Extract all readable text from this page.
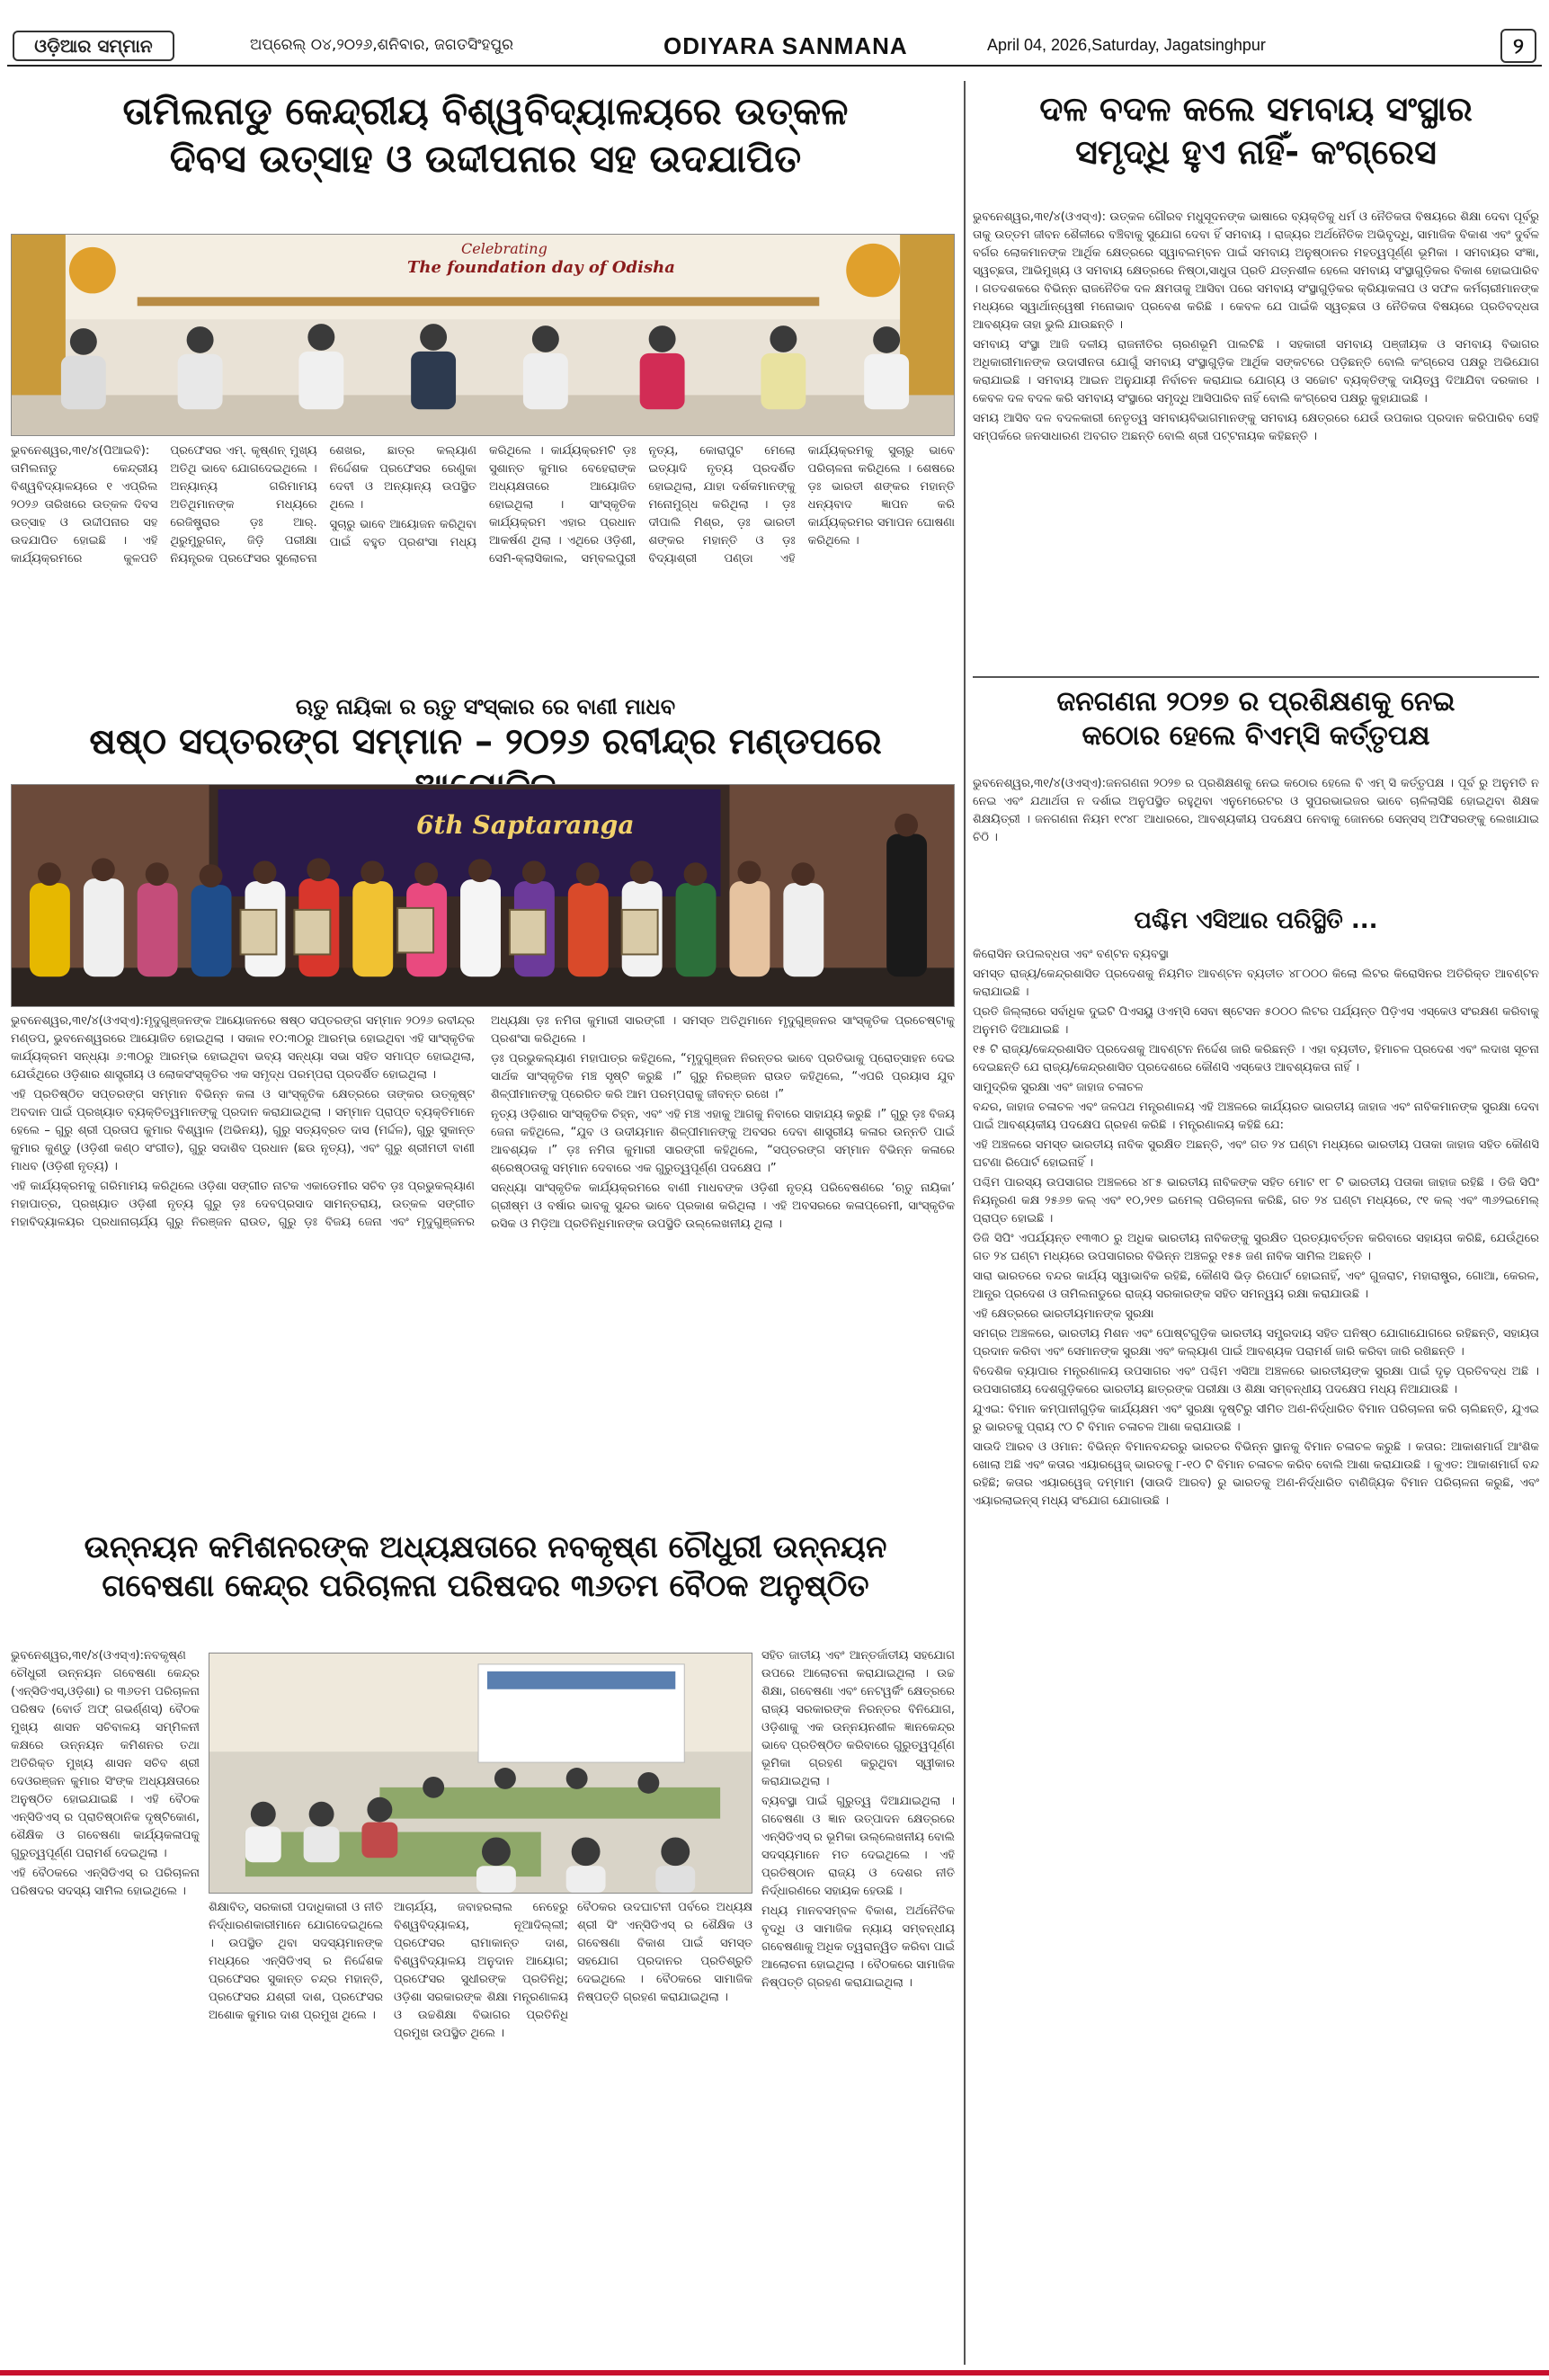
ଓଡ଼ିଆର ସମ୍ମାନ	ଅପ୍ରେଲ୍ ୦୪,୨୦୨୬,ଶନିବାର, ଜଗତସିଂହପୁର	ODIYARA SANMANA	April 04, 2026,Saturday, Jagatsinghpur	୨
ତାମିଲନାଡୁ କେନ୍ଦ୍ରୀୟ ବିଶ୍ୱବିଦ୍ୟାଳୟରେ ଉତ୍କଳ
ଦିବସ ଉତ୍ସାହ ଓ ଉଦ୍ଦୀପନାର ସହ ଉଦଯାପିତ
Celebrating
The foundation day of Odisha

ଭୁବନେଶ୍ୱର,୩୧/୪(ପିଆଇବି): ତାମିଲନାଡୁ କେନ୍ଦ୍ରୀୟ ବିଶ୍ୱବିଦ୍ୟାଳୟରେ ୧ ଏପ୍ରିଲ ୨୦୨୬ ତାରିଖରେ ଉତ୍କଳ ଦିବସ ଉତ୍ସାହ ଓ ଉଦ୍ଦୀପନାର ସହ ଉଦଯାପିତ ହୋଇଛି । ଏହି କାର୍ଯ୍ୟକ୍ରମରେ କୁଳପତି ପ୍ରଫେସର ଏମ୍. କୃଷ୍ଣନ୍ ମୁଖ୍ୟ ଅତିଥି ଭାବେ ଯୋଗଦେଇଥିଲେ । ଅନ୍ୟାନ୍ୟ ଗରିମାମୟ ଅତିଥିମାନଙ୍କ ମଧ୍ୟରେ ରେଜିଷ୍ଟ୍ରାର ଡ଼ଃ ଆର୍. ଥିରୁମୁରୁଗନ୍, ଜିଡ଼ି ପରୀକ୍ଷା ନିୟନ୍ତ୍ରକ ପ୍ରଫେସର ସୁଲୋଚନା ଶେଖର, ଛାତ୍ର କଲ୍ୟାଣ ନିର୍ଦ୍ଦେଶକ ପ୍ରଫେସର ରେଣୁକା ଦେବୀ ଓ ଅନ୍ୟାନ୍ୟ ଉପସ୍ଥିତ ଥିଲେ ।

ସୁଚାରୁ ଭାବେ ଆୟୋଜନ କରିଥିବା ପାଇଁ ବହୁତ ପ୍ରଶଂସା ମଧ୍ୟ କରିଥିଲେ । କାର୍ଯ୍ୟକ୍ରମଟି ଡ଼ଃ ସୁଶାନ୍ତ କୁମାର ବେହେରାଙ୍କ ଅଧ୍ୟକ୍ଷତାରେ ଆୟୋଜିତ ହୋଇଥିଲା । ସାଂସ୍କୃତିକ କାର୍ଯ୍ୟକ୍ରମ ଏହାର ପ୍ରଧାନ ଆକର୍ଷଣ ଥିଲା । ଏଥିରେ ଓଡ଼ିଶୀ, ସେମି-କ୍ଲାସିକାଲ, ସମ୍ବଲପୁରୀ ନୃତ୍ୟ, କୋରାପୁଟ ମେଲୋ ଇତ୍ୟାଦି ନୃତ୍ୟ ପ୍ରଦର୍ଶିତ ହୋଇଥିଲା, ଯାହା ଦର୍ଶକମାନଙ୍କୁ ମନୋମୁଗ୍ଧ କରିଥିଲା । ଡ଼ଃ ଦୀପାଲି ମିଶ୍ର, ଡ଼ଃ ଭାରତୀ ଶଙ୍କର ମହାନ୍ତି ଓ ଡ଼ଃ ବିଦ୍ୟାଶ୍ରୀ ପଣ୍ଡା ଏହି କାର୍ଯ୍ୟକ୍ରମକୁ ସୁଚାରୁ ଭାବେ ପରିଚାଳନା କରିଥିଲେ । ଶେଷରେ ଡ଼ଃ ଭାରତୀ ଶଙ୍କର ମହାନ୍ତି ଧନ୍ୟବାଦ ଜ୍ଞାପନ କରି କାର୍ଯ୍ୟକ୍ରମର ସମାପନ ଘୋଷଣା କରିଥିଲେ ।

ଋତୁ ନାୟିକା ର ଋତୁ ସଂସ୍କାର ରେ ବାଣୀ ମାଧବ
ଷଷ୍ଠ ସପ୍ତରଙ୍ଗ ସମ୍ମାନ – ୨୦୨୬ ରବୀନ୍ଦ୍ର ମଣ୍ଡପରେ
6th Saptaranga

ଭୁବନେଶ୍ୱର,୩୧/୪(ଓଏସ୍ଏ):ମୃଦୁଗୁଞ୍ଜନଙ୍କ ଆୟୋଜନରେ ଷଷ୍ଠ ସପ୍ତରଙ୍ଗ ସମ୍ମାନ ୨୦୨୬ ରବୀନ୍ଦ୍ର ମଣ୍ଡପ, ଭୁବନେଶ୍ୱରରେ ଆୟୋଜିତ ହୋଇଥିଲା । ସକାଳ ୧୦:୩୦ରୁ ଆରମ୍ଭ ହୋଇଥିବା ଏହି ସାଂସ୍କୃତିକ କାର୍ଯ୍ୟକ୍ରମ ସନ୍ଧ୍ୟା ୬:୩୦ରୁ ଆରମ୍ଭ ହୋଇଥିବା ଭବ୍ୟ ସନ୍ଧ୍ୟା ସଭା ସହିତ ସମାପ୍ତ ହୋଇଥିଲା, ଯେଉଁଥିରେ ଓଡ଼ିଶାର ଶାସ୍ତ୍ରୀୟ ଓ ଲୋକସଂସ୍କୃତିର ଏକ ସମୃଦ୍ଧ ପରମ୍ପରା ପ୍ରଦର୍ଶିତ ହୋଇଥିଲା ।

ଏହି ପ୍ରତିଷ୍ଠିତ ସପ୍ତରଙ୍ଗ ସମ୍ମାନ ବିଭିନ୍ନ କଳା ଓ ସାଂସ୍କୃତିକ କ୍ଷେତ୍ରରେ ତାଙ୍କର ଉତ୍କୃଷ୍ଟ ଅବଦାନ ପାଇଁ ପ୍ରଖ୍ୟାତ ବ୍ୟକ୍ତିତ୍ୱମାନଙ୍କୁ ପ୍ରଦାନ କରାଯାଇଥିଲା । ସମ୍ମାନ ପ୍ରାପ୍ତ ବ୍ୟକ୍ତିମାନେ ହେଲେ – ଗୁରୁ ଶ୍ରୀ ପ୍ରତାପ କୁମାର ବିଶ୍ୱାଳ (ଅଭିନୟ), ଗୁରୁ ସତ୍ୟବ୍ରତ ଦାସ (ମର୍ଦ୍ଦଳ), ଗୁରୁ ସୁକାନ୍ତ କୁମାର କୁଣ୍ଡୁ (ଓଡ଼ିଶୀ କଣ୍ଠ ସଂଗୀତ), ଗୁରୁ ସଦାଶିବ ପ୍ରଧାନ (ଛଉ ନୃତ୍ୟ), ଏବଂ ଗୁରୁ ଶ୍ରୀମତୀ ବାଣୀ ମାଧବ (ଓଡ଼ିଶୀ ନୃତ୍ୟ) ।

ଏହି କାର୍ଯ୍ୟକ୍ରମକୁ ଗରିମାମୟ କରିଥିଲେ ଓଡ଼ିଶା ସଙ୍ଗୀତ ନାଟକ ଏକାଡେମୀର ସଚିବ ଡ଼ଃ ପ୍ରଭୁକଲ୍ୟାଣ ମହାପାତ୍ର, ପ୍ରଖ୍ୟାତ ଓଡ଼ିଶୀ ନୃତ୍ୟ ଗୁରୁ ଡ଼ଃ ଦେବପ୍ରସାଦ ସାମନ୍ତରାୟ, ଉତ୍କଳ ସଙ୍ଗୀତ ମହାବିଦ୍ୟାଳୟର ପ୍ରଧାନାଚାର୍ଯ୍ୟ ଗୁରୁ ନିରଞ୍ଜନ ରାଉତ, ଗୁରୁ ଡ଼ଃ ବିଜୟ ଜେନା ଏବଂ ମୃଦୁଗୁଞ୍ଜନର ଅଧ୍ୟକ୍ଷା ଡ଼ଃ ନମିତା କୁମାରୀ ସାରଙ୍ଗୀ । ସମସ୍ତ ଅତିଥିମାନେ ମୃଦୁଗୁଞ୍ଜନର ସାଂସ୍କୃତିକ ପ୍ରଚେଷ୍ଟାକୁ ପ୍ରଶଂସା କରିଥିଲେ ।

ଡ଼ଃ ପ୍ରଭୁକଲ୍ୟାଣ ମହାପାତ୍ର କହିଥିଲେ, “ମୃଦୁଗୁଞ୍ଜନ ନିରନ୍ତର ଭାବେ ପ୍ରତିଭାକୁ ପ୍ରୋତ୍ସାହନ ଦେଇ ସାର୍ଥକ ସାଂସ୍କୃତିକ ମଞ୍ଚ ସୃଷ୍ଟି କରୁଛି ।” ଗୁରୁ ନିରଞ୍ଜନ ରାଉତ କହିଥିଲେ, “ଏପରି ପ୍ରୟାସ ଯୁବ ଶିଳ୍ପୀମାନଙ୍କୁ ପ୍ରେରିତ କରି ଆମ ପରମ୍ପରାକୁ ଜୀବନ୍ତ ରଖେ ।”

ନୃତ୍ୟ ଓଡ଼ିଶାର ସାଂସ୍କୃତିକ ଚିହ୍ନ, ଏବଂ ଏହି ମଞ୍ଚ ଏହାକୁ ଆଗକୁ ନିବାରେ ସାହାଯ୍ୟ କରୁଛି ।” ଗୁରୁ ଡ଼ଃ ବିଜୟ ଜେନା କହିଥିଲେ, “ଯୁବ ଓ ଉଦୀୟମାନ ଶିଳ୍ପୀମାନଙ୍କୁ ଅବସର ଦେବା ଶାସ୍ତ୍ରୀୟ କଳାର ଉନ୍ନତି ପାଇଁ ଆବଶ୍ୟକ ।” ଡ଼ଃ ନମିତା କୁମାରୀ ସାରଙ୍ଗୀ କହିଥିଲେ, “ସପ୍ତରଙ୍ଗ ସମ୍ମାନ ବିଭିନ୍ନ କଳାରେ ଶ୍ରେଷ୍ଠତାକୁ ସମ୍ମାନ ଦେବାରେ ଏକ ଗୁରୁତ୍ୱପୂର୍ଣ୍ଣ ପଦକ୍ଷେପ ।”

ସନ୍ଧ୍ୟା ସାଂସ୍କୃତିକ କାର୍ଯ୍ୟକ୍ରମରେ ବାଣୀ ମାଧବଙ୍କ ଓଡ଼ିଶୀ ନୃତ୍ୟ ପରିବେଷଣରେ ‘ଋତୁ ନାୟିକା’ ଗ୍ରୀଷ୍ମ ଓ ବର୍ଷାର ଭାବକୁ ସୁନ୍ଦର ଭାବେ ପ୍ରକାଶ କରିଥିଲା । ଏହି ଅବସରରେ କଳାପ୍ରେମୀ, ସାଂସ୍କୃତିକ ରସିକ ଓ ମିଡ଼ିଆ ପ୍ରତିନିଧିମାନଙ୍କ ଉପସ୍ଥିତି ଉଲ୍ଲେଖନୀୟ ଥିଲା ।

ଉନ୍ନୟନ କମିଶନରଙ୍କ ଅଧ୍ୟକ୍ଷତାରେ ନବକୃଷ୍ଣ ଚୌଧୁରୀ ଉନ୍ନୟନ
ଗବେଷଣା କେନ୍ଦ୍ର ପରିଚାଳନା ପରିଷଦର ୩୬ତମ ବୈଠକ ଅନୁଷ୍ଠିତ

ଭୁବନେଶ୍ୱର,୩୧/୪(ଓଏସ୍ଏ):ନବକୃଷ୍ଣ ଚୌଧୁରୀ ଉନ୍ନୟନ ଗବେଷଣା କେନ୍ଦ୍ର (ଏନ୍ସିଡିଏସ୍,ଓଡ଼ିଶା) ର ୩୬ତମ ପରିଚାଳନା ପରିଷଦ (ବୋର୍ଡ ଅଫ୍ ଗଭର୍ଣ୍ଣସ୍) ବୈଠକ ମୁଖ୍ୟ ଶାସନ ସଚିବାଳୟ ସମ୍ମିଳନୀ କକ୍ଷରେ ଉନ୍ନୟନ କମିଶନର ତଥା ଅତିରିକ୍ତ ମୁଖ୍ୟ ଶାସନ ସଚିବ ଶ୍ରୀ ଦେଓରଞ୍ଜନ କୁମାର ସିଂଙ୍କ ଅଧ୍ୟକ୍ଷତାରେ ଅନୁଷ୍ଠିତ ହୋଇଯାଇଛି । ଏହି ବୈଠକ ଏନ୍ସିଡିଏସ୍ ର ପ୍ରାତିଷ୍ଠାନିକ ଦୃଷ୍ଟିକୋଣ, ଶୈକ୍ଷିକ ଓ ଗବେଷଣା କାର୍ଯ୍ୟକଳାପକୁ ଗୁରୁତ୍ୱପୂର୍ଣ୍ଣ ପରାମର୍ଶ ଦେଇଥିଲା ।

ଏହି ବୈଠକରେ ଏନ୍ସିଡିଏସ୍ ର ପରିଚାଳନା ପରିଷଦର ସଦସ୍ୟ ସାମିଲ ହୋଇଥିଲେ ।

ଶିକ୍ଷାବିତ୍, ସରକାରୀ ପଦାଧିକାରୀ ଓ ନୀତି ନିର୍ଦ୍ଧାରଣକାରୀମାନେ ଯୋଗଦେଇଥିଲେ । ଉପସ୍ଥିତ ଥିବା ସଦସ୍ୟମାନଙ୍କ ମଧ୍ୟରେ ଏନ୍ସିଡିଏସ୍ ର ନିର୍ଦ୍ଦେଶକ ପ୍ରଫେସର ସୁକାନ୍ତ ଚନ୍ଦ୍ର ମହାନ୍ତି, ପ୍ରଫେସର ଯଶ୍ରୀ ଦାଶ, ପ୍ରଫେସର ଅଶୋକ କୁମାର ଦାଶ ପ୍ରମୁଖ ଥିଲେ ।

ଆଚାର୍ଯ୍ୟ, ଜବାହରଲାଲ ନେହେରୁ ବିଶ୍ୱବିଦ୍ୟାଳୟ, ନୂଆଦିଲ୍ଲୀ; ପ୍ରଫେସର ରାମାକାନ୍ତ ଦାଶ, ବିଶ୍ୱବିଦ୍ୟାଳୟ ଅନୁଦାନ ଆୟୋଗ; ପ୍ରଫେସର ସୁଧୀରଙ୍କ ପ୍ରତିନିଧି; ଓଡ଼ିଶା ସରକାରଙ୍କ ଶିକ୍ଷା ମନ୍ତ୍ରଣାଳୟ ଓ ଉଚ୍ଚଶିକ୍ଷା ବିଭାଗର ପ୍ରତିନିଧି ପ୍ରମୁଖ ଉପସ୍ଥିତ ଥିଲେ ।

ବୈଠକର ଉଦଘାଟନୀ ପର୍ବରେ ଅଧ୍ୟକ୍ଷ ଶ୍ରୀ ସିଂ ଏନ୍ସିଡିଏସ୍ ର ଶୈକ୍ଷିକ ଓ ଗବେଷଣା ବିକାଶ ପାଇଁ ସମସ୍ତ ସହଯୋଗ ପ୍ରଦାନର ପ୍ରତିଶ୍ରୁତି ଦେଇଥିଲେ । ବୈଠକରେ ସାମାଜିକ ନିଷ୍ପତ୍ତି ଗ୍ରହଣ କରାଯାଇଥିଲା ।

ସହିତ ଜାତୀୟ ଏବଂ ଆନ୍ତର୍ଜାତୀୟ ସହଯୋଗ ଉପରେ ଆଲୋଚନା କରାଯାଇଥିଲା । ଉଚ୍ଚ ଶିକ୍ଷା, ଗବେଷଣା ଏବଂ ନେଟୱର୍କିଂ କ୍ଷେତ୍ରରେ ରାଜ୍ୟ ସରକାରଙ୍କ ନିରନ୍ତର ବିନିଯୋଗ, ଓଡ଼ିଶାକୁ ଏକ ଉନ୍ନୟନଶୀଳ ଜ୍ଞାନକେନ୍ଦ୍ର ଭାବେ ପ୍ରତିଷ୍ଠିତ କରିବାରେ ଗୁରୁତ୍ୱପୂର୍ଣ୍ଣ ଭୂମିକା ଗ୍ରହଣ କରୁଥିବା ସ୍ୱୀକାର କରାଯାଇଥିଲା ।

ବ୍ୟବସ୍ଥା ପାଇଁ ଗୁରୁତ୍ୱ ଦିଆଯାଇଥିଲା । ଗବେଷଣା ଓ ଜ୍ଞାନ ଉତ୍ପାଦନ କ୍ଷେତ୍ରରେ ଏନ୍ସିଡିଏସ୍ ର ଭୂମିକା ଉଲ୍ଲେଖନୀୟ ବୋଲି ସଦସ୍ୟମାନେ ମତ ଦେଇଥିଲେ । ଏହି ପ୍ରତିଷ୍ଠାନ ରାଜ୍ୟ ଓ ଦେଶର ନୀତି ନିର୍ଦ୍ଧାରଣରେ ସହାୟକ ହେଉଛି ।

ମଧ୍ୟ ମାନବସମ୍ବଳ ବିକାଶ, ଅର୍ଥନୈତିକ ବୃଦ୍ଧି ଓ ସାମାଜିକ ନ୍ୟାୟ ସମ୍ବନ୍ଧୀୟ ଗବେଷଣାକୁ ଅଧିକ ତ୍ୱରାନ୍ୱିତ କରିବା ପାଇଁ ଆଲୋଚନା ହୋଇଥିଲା । ବୈଠକରେ ସାମାଜିକ ନିଷ୍ପତ୍ତି ଗ୍ରହଣ କରାଯାଇଥିଲା ।

ଦଳ ବଦଳ କଲେ ସମବାୟ ସଂସ୍ଥାର
ସମୃଦ୍ଧି ହୁଏ ନାହିଁ- କଂଗ୍ରେସ

ଭୁବନେଶ୍ୱର,୩୧/୪(ଓଏସ୍ଏ): ଉତ୍କଳ ଗୌରବ ମଧୁସୂଦନଙ୍କ ଭାଷାରେ ବ୍ୟକ୍ତିକୁ ଧର୍ମ ଓ ନୈତିକତା ବିଷୟରେ ଶିକ୍ଷା ଦେବା ପୂର୍ବରୁ ତାକୁ ଉତ୍ତମ ଜୀବନ ଶୈଳୀରେ ବଞ୍ଚିବାକୁ ସୁଯୋଗ ଦେବା ହିଁ ସମବାୟ । ରାଜ୍ୟର ଅର୍ଥନୈତିକ ଅଭିବୃଦ୍ଧି, ସାମାଜିକ ବିକାଶ ଏବଂ ଦୁର୍ବଳ ବର୍ଗର ଲୋକମାନଙ୍କ ଆର୍ଥିକ କ୍ଷେତ୍ରରେ ସ୍ୱାବଲମ୍ବନ ପାଇଁ ସମବାୟ ଅନୁଷ୍ଠାନର ମହତ୍ୱପୂର୍ଣ୍ଣ ଭୂମିକା । ସମବାୟର ସଂଜ୍ଞା, ସ୍ୱଚ୍ଛତା, ଆଭିମୁଖ୍ୟ ଓ ସମବାୟ କ୍ଷେତ୍ରରେ ନିଷ୍ଠା,ସାଧୁତା ପ୍ରତି ଯତ୍ନଶୀଳ ହେଲେ ସମବାୟ ସଂସ୍ଥାଗୁଡ଼ିକର ବିକାଶ ହୋଇପାରିବ । ଗତଦଶକରେ ବିଭିନ୍ନ ରାଜନୈତିକ ଦଳ କ୍ଷମତାକୁ ଆସିବା ପରେ ସମବାୟ ସଂସ୍ଥାଗୁଡ଼ିକର କ୍ରିୟାକଳାପ ଓ ସଫଳ କର୍ମଚାରୀମାନଙ୍କ ମଧ୍ୟରେ ସ୍ୱାର୍ଥାନ୍ୱେଷୀ ମନୋଭାବ ପ୍ରବେଶ କରିଛି । କେବଳ ଯେ ପାଇଁକି ସ୍ୱଚ୍ଛତା ଓ ନୈତିକତା ବିଷୟରେ ପ୍ରତିବଦ୍ଧତା ଆବଶ୍ୟକ ତାହା ଭୁଲି ଯାଉଛନ୍ତି ।

ସମବାୟ ସଂସ୍ଥା ଆଜି ଦଳୀୟ ରାଜନୀତିର ଚାରଣଭୂମି ପାଲଟିଛି । ସହକାରୀ ସମବାୟ ପଞ୍ଜୀୟକ ଓ ସମବାୟ ବିଭାଗର ଅଧିକାରୀମାନଙ୍କ ଉଦାସୀନତା ଯୋଗୁଁ ସମବାୟ ସଂସ୍ଥାଗୁଡ଼ିକ ଆର୍ଥିକ ସଙ୍କଟରେ ପଡ଼ିଛନ୍ତି ବୋଲି କଂଗ୍ରେସ ପକ୍ଷରୁ ଅଭିଯୋଗ କରାଯାଇଛି । ସମବାୟ ଆଇନ ଅନୁଯାୟୀ ନିର୍ବାଚନ କରାଯାଇ ଯୋଗ୍ୟ ଓ ସଚ୍ଚୋଟ ବ୍ୟକ୍ତିଙ୍କୁ ଦାୟିତ୍ୱ ଦିଆଯିବା ଦରକାର । କେବଳ ଦଳ ବଦଳ କରି ସମବାୟ ସଂସ୍ଥାରେ ସମୃଦ୍ଧି ଆସିପାରିବ ନାହିଁ ବୋଲି କଂଗ୍ରେସ ପକ୍ଷରୁ କୁହାଯାଇଛି ।

ସମୟ ଆସିବ ଦଳ ବଦଳକାରୀ ନେତୃତ୍ୱ ସମବାୟବିଭାଗମାନଙ୍କୁ ସମବାୟ କ୍ଷେତ୍ରରେ ଯେଉଁ ଉପକାର ପ୍ରଦାନ କରିପାରିବ ସେହି ସମ୍ପର୍କରେ ଜନସାଧାରଣ ଅବଗତ ଅଛନ୍ତି ବୋଲି ଶ୍ରୀ ପଟ୍ଟନାୟକ କହିଛନ୍ତି ।

ଜନଗଣନା ୨୦୨୭ ର ପ୍ରଶିକ୍ଷଣକୁ ନେଇ
କଠୋର ହେଲେ ବିଏମ୍ସି କର୍ତ୍ତୃପକ୍ଷ

ଭୁବନେଶ୍ୱର,୩୧/୪(ଓଏସ୍ଏ):ଜନଗଣନା ୨୦୨୭ ର ପ୍ରଶିକ୍ଷଣକୁ ନେଇ କଠୋର ହେଲେ ବି ଏମ୍ ସି କର୍ତ୍ତୃପକ୍ଷ । ପୂର୍ବ ରୁ ଅନୁମତି ନ ନେଇ ଏବଂ ଯଥାର୍ଥତା ନ ଦର୍ଶାଇ ଅନୁପସ୍ଥିତ ରହୁଥିବା ଏନୁମେରେଟର ଓ ସୁପରଭାଇଜର ଭାବେ ଚାଳିଲାସିଛି ହୋଇଥିବା ଶିକ୍ଷକ ଶିକ୍ଷୟିତ୍ରୀ । ଜନଗଣନା ନିୟମ ୧୯୪୮ ଆଧାରରେ, ଆବଶ୍ୟକୀୟ ପଦକ୍ଷେପ ନେବାକୁ ଜୋନରେ ସେନ୍ସସ୍ ଅଫିସରଙ୍କୁ ଲେଖାଯାଇ ଚିଠି ।

ପଶ୍ଚିମ ଏସିଆର ପରିସ୍ଥିତି ...

କିରୋସିନ ଉପଲବ୍ଧତା ଏବଂ ବଣ୍ଟନ ବ୍ୟବସ୍ଥା

ସମସ୍ତ ରାଜ୍ୟ/କେନ୍ଦ୍ରଶାସିତ ପ୍ରଦେଶକୁ ନିୟମିତ ଆବଣ୍ଟନ ବ୍ୟତୀତ ୪୮୦୦୦ କିଲୋ ଲିଟର କିରୋସିନର ଅତିରିକ୍ତ ଆବଣ୍ଟନ କରାଯାଇଛି ।

ପ୍ରତି ଜିଲ୍ଲାରେ ସର୍ବାଧିକ ଦୁଇଟି ପିଏସୟୁ ଓଏମ୍ସି ସେବା ଷ୍ଟେସନ ୫୦୦୦ ଲିଟର ପର୍ଯ୍ୟନ୍ତ ପିଡ଼ିଏସ ଏସ୍କେଓ ସଂରକ୍ଷଣ କରିବାକୁ ଅନୁମତି ଦିଆଯାଇଛି ।

୧୫ ଟି ରାଜ୍ୟ/କେନ୍ଦ୍ରଶାସିତ ପ୍ରଦେଶକୁ ଆବଣ୍ଟନ ନିର୍ଦ୍ଦେଶ ଜାରି କରିଛନ୍ତି । ଏହା ବ୍ୟତୀତ, ହିମାଚଳ ପ୍ରଦେଶ ଏବଂ ଲଦାଖ ସୂଚନା ଦେଇଛନ୍ତି ଯେ ରାଜ୍ୟ/କେନ୍ଦ୍ରଶାସିତ ପ୍ରଦେଶରେ କୌଣସି ଏସ୍କେଓ ଆବଶ୍ୟକତା ନାହିଁ ।

ସାମୁଦ୍ରିକ ସୁରକ୍ଷା ଏବଂ ଜାହାଜ ଚଳାଚଳ

ବନ୍ଦର, ଜାହାଜ ଚଳାଚଳ ଏବଂ ଜଳପଥ ମନ୍ତ୍ରଣାଳୟ ଏହି ଅଞ୍ଚଳରେ କାର୍ଯ୍ୟରତ ଭାରତୀୟ ଜାହାଜ ଏବଂ ନାବିକମାନଙ୍କ ସୁରକ୍ଷା ଦେବା ପାଇଁ ଆବଶ୍ୟକୀୟ ପଦକ୍ଷେପ ଗ୍ରହଣ କରିଛି । ମନ୍ତ୍ରଣାଳୟ କହିଛି ଯେ:

ଏହି ଅଞ୍ଚଳରେ ସମସ୍ତ ଭାରତୀୟ ନାବିକ ସୁରକ୍ଷିତ ଅଛନ୍ତି, ଏବଂ ଗତ ୨୪ ଘଣ୍ଟା ମଧ୍ୟରେ ଭାରତୀୟ ପତାକା ଜାହାଜ ସହିତ କୌଣସି ଘଟଣା ରିପୋର୍ଟ ହୋଇନାହିଁ ।

ପଶ୍ଚିମ ପାରସ୍ୟ ଉପସାଗର ଅଞ୍ଚଳରେ ୪୮୫ ଭାରତୀୟ ନାବିକଙ୍କ ସହିତ ମୋଟ ୧୮ ଟି ଭାରତୀୟ ପତାକା ଜାହାଜ ରହିଛି । ଡିଜି ସିପିଂ ନିୟନ୍ତ୍ରଣ କକ୍ଷ ୨୫୬୭ କଲ୍ ଏବଂ ୧୦,୨୧୭ ଇମେଲ୍ ପରିଚାଳନା କରିଛି, ଗତ ୨୪ ଘଣ୍ଟା ମଧ୍ୟରେ, ୯୧ କଲ୍ ଏବଂ ୩୬୨ଇମେଲ୍ ପ୍ରାପ୍ତ ହୋଇଛି ।

ଡିଜି ସିପିଂ ଏପର୍ଯ୍ୟନ୍ତ ୧୩୩୦ ରୁ ଅଧିକ ଭାରତୀୟ ନାବିକଙ୍କୁ ସୁରକ୍ଷିତ ପ୍ରତ୍ୟାବର୍ତ୍ତନ କରିବାରେ ସହାୟତା କରିଛି, ଯେଉଁଥିରେ ଗତ ୨୪ ଘଣ୍ଟା ମଧ୍ୟରେ ଉପସାଗରର ବିଭିନ୍ନ ଅଞ୍ଚଳରୁ ୧୫୫ ଜଣ ନାବିକ ସାମିଲ ଅଛନ୍ତି ।

ସାରା ଭାରତରେ ବନ୍ଦର କାର୍ଯ୍ୟ ସ୍ୱାଭାବିକ ରହିଛି, କୌଣସି ଭିଡ଼ ରିପୋର୍ଟ ହୋଇନାହିଁ, ଏବଂ ଗୁଜରାଟ, ମହାରାଷ୍ଟ୍ର, ଗୋଆ, କେରଳ, ଆନ୍ଧ୍ର ପ୍ରଦେଶ ଓ ତାମିଲନାଡୁରେ ରାଜ୍ୟ ସରକାରଙ୍କ ସହିତ ସମନ୍ୱୟ ରକ୍ଷା କରାଯାଉଛି ।

ଏହି କ୍ଷେତ୍ରରେ ଭାରତୀୟମାନଙ୍କ ସୁରକ୍ଷା

ସମଗ୍ର ଅଞ୍ଚଳରେ, ଭାରତୀୟ ମିଶନ ଏବଂ ପୋଷ୍ଟଗୁଡ଼ିକ ଭାରତୀୟ ସମ୍ପ୍ରଦାୟ ସହିତ ଘନିଷ୍ଠ ଯୋଗାଯୋଗରେ ରହିଛନ୍ତି, ସହାୟତା ପ୍ରଦାନ କରିବା ଏବଂ ସେମାନଙ୍କ ସୁରକ୍ଷା ଏବଂ କଲ୍ୟାଣ ପାଇଁ ଆବଶ୍ୟକ ପରାମର୍ଶ ଜାରି କରିବା ଜାରି ରଖିଛନ୍ତି ।

ବିଦେଶିକ ବ୍ୟାପାର ମନ୍ତ୍ରଣାଳୟ ଉପସାଗର ଏବଂ ପଶ୍ଚିମ ଏସିଆ ଅଞ୍ଚଳରେ ଭାରତୀୟଙ୍କ ସୁରକ୍ଷା ପାଇଁ ଦୃଢ଼ ପ୍ରତିବଦ୍ଧ ଅଛି । ଉପସାଗରୀୟ ଦେଶଗୁଡ଼ିକରେ ଭାରତୀୟ ଛାତ୍ରଙ୍କ ପରୀକ୍ଷା ଓ ଶିକ୍ଷା ସମ୍ବନ୍ଧୀୟ ପଦକ୍ଷେପ ମଧ୍ୟ ନିଆଯାଉଛି ।

ଯୁଏଇ: ବିମାନ କମ୍ପାନୀଗୁଡ଼ିକ କାର୍ଯ୍ୟକ୍ଷମ ଏବଂ ସୁରକ୍ଷା ଦୃଷ୍ଟିରୁ ସୀମିତ ଅଣ-ନିର୍ଦ୍ଧାରିତ ବିମାନ ପରିଚାଳନା କରି ଚାଲିଛନ୍ତି, ଯୁଏଇ ରୁ ଭାରତକୁ ପ୍ରାୟ ୯୦ ଟି ବିମାନ ଚଳାଚଳ ଆଶା କରାଯାଉଛି ।

ସାଉଦି ଆରବ ଓ ଓମାନ: ବିଭିନ୍ନ ବିମାନବନ୍ଦରରୁ ଭାରତର ବିଭିନ୍ନ ସ୍ଥାନକୁ ବିମାନ ଚଳାଚଳ କରୁଛି । କତାର: ଆକାଶମାର୍ଗ ଆଂଶିକ ଖୋଲା ଅଛି ଏବଂ କତାର ଏୟାରୱେଜ୍ ଭାରତକୁ ୮-୧୦ ଟି ବିମାନ ଚଳାଚଳ କରିବ ବୋଲି ଆଶା କରାଯାଉଛି । କୁଏତ: ଆକାଶମାର୍ଗ ବନ୍ଦ ରହିଛି; କତାର ଏୟାରୱେଜ୍ ଦମ୍ମାମ (ସାଉଦି ଆରବ) ରୁ ଭାରତକୁ ଅଣ-ନିର୍ଦ୍ଧାରିତ ବାଣିଜ୍ୟିକ ବିମାନ ପରିଚାଳନା କରୁଛି, ଏବଂ ଏୟାରଲାଇନ୍ସ୍ ମଧ୍ୟ ସଂଯୋଗ ଯୋଗାଉଛି ।
